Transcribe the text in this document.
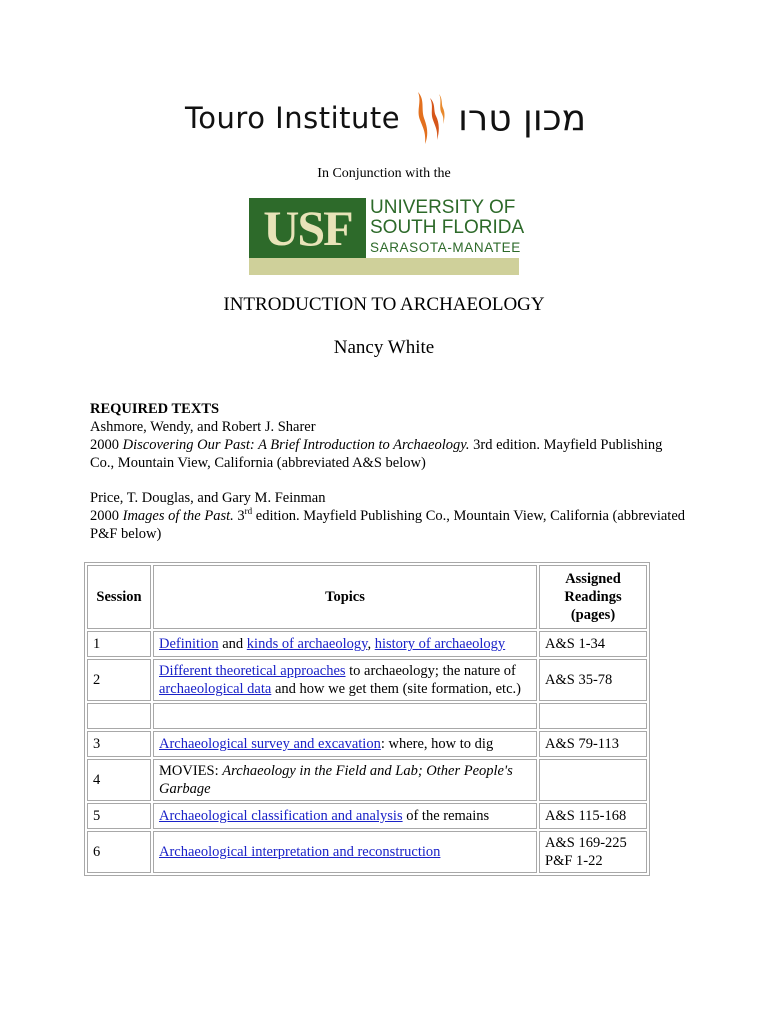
Touro Institute מכון טרו
In Conjunction with the
USF UNIVERSITY OF
SOUTH FLORIDA
SARASOTA-MANATEE
INTRODUCTION TO ARCHAEOLOGY
Nancy White
REQUIRED TEXTS

Ashmore, Wendy, and Robert J. Sharer
2000 Discovering Our Past: A Brief Introduction to Archaeology. 3rd edition. Mayfield Publishing Co., Mountain View, California (abbreviated A&S below)

Price, T. Douglas, and Gary M. Feinman
2000 Images of the Past. 3rd edition. Mayfield Publishing Co., Mountain View, California (abbreviated P&F below)

Session	Topics	Assigned Readings (pages)
1	Definition and kinds of archaeology, history of archaeology	A&S 1-34
2	Different theoretical approaches to archaeology; the nature of archaeological data and how we get them (site formation, etc.)	A&S 35-78

3	Archaeological survey and excavation: where, how to dig	A&S 79-113
4	MOVIES: Archaeology in the Field and Lab; Other People's Garbage	
5	Archaeological classification and analysis of the remains	A&S 115-168
6	Archaeological interpretation and reconstruction	A&S 169-225
P&F 1-22
